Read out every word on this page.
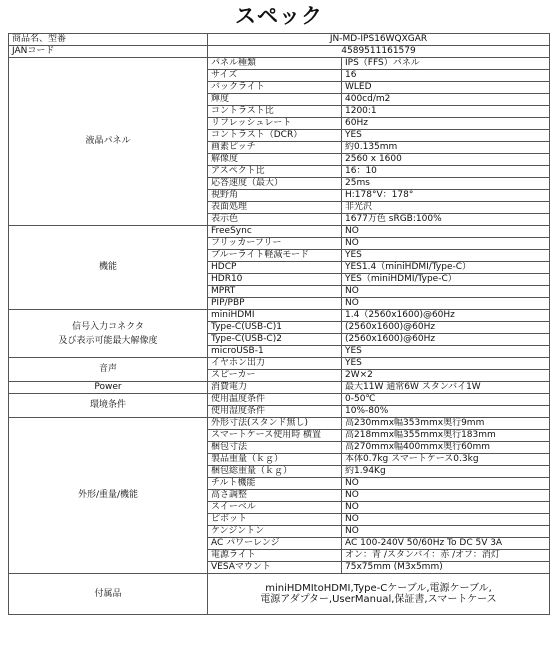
スペック
商品名、型番	JN-MD-IPS16WQXGAR	
JANコード	4589511161579	
液晶パネル	パネル種類	IPS（FFS）パネル
	サイズ	16
	バックライト	WLED
	輝度	400cd/m2
	コントラスト比	1200:1
	リフレッシュレート	60Hz
	コントラスト（DCR）	YES
	画素ピッチ	約0.135mm
	解像度	2560 x 1600
	アスペクト比	16：10
	応答速度（最大）	25ms
	視野角	H:178°V：178°
	表面処理	非光沢
	表示色	1677万色 sRGB:100%
機能	FreeSync	NO
	フリッカーフリー	NO
	ブルーライト軽減モード	YES
	HDCP	YES1.4（miniHDMI/Type-C）
	HDR10	YES（miniHDMI/Type-C）
	MPRT	NO
	PIP/PBP	NO

信号入力コネクタ
及び表示可能最大解像度	miniHDMI	1.4（2560x1600)@60Hz
	Type-C(USB-C)1	(2560x1600)@60Hz
	Type-C(USB-C)2	(2560x1600)@60Hz
	microUSB-1	YES
音声	イヤホン出力	YES
	スピーカー	2W×2
Power	消費電力	最大11W 通常6W スタンバイ1W
環境条件	使用温度条件	0-50℃
	使用湿度条件	10%-80%
外形/重量/機能	外形寸法(スタンド無し)	高230mmx幅353mmx奥行9mm
	スマートケース使用時 横置	高218mmx幅355mmx奥行183mm
	梱包寸法	高270mmx幅400mmx奥行60mm
	製品重量（ｋｇ）	本体0.7kg スマートケース0.3kg
	梱包総重量（ｋｇ）	約1.94Kg
	チルト機能	NO
	高さ調整	NO
	スイーベル	NO
	ピボット	NO
	ケンジントン	NO
	AC パワーレンジ	AC 100-240V 50/60Hz To DC 5V 3A
	電源ライト	オン：青 /スタンバイ：赤 /オフ：消灯
	VESAマウント	75x75mm (M3x5mm)
付属品	miniHDMItoHDMI,Type-Cケーブル,電源ケーブル,
電源アダプター,UserManual,保証書,スマートケース	
